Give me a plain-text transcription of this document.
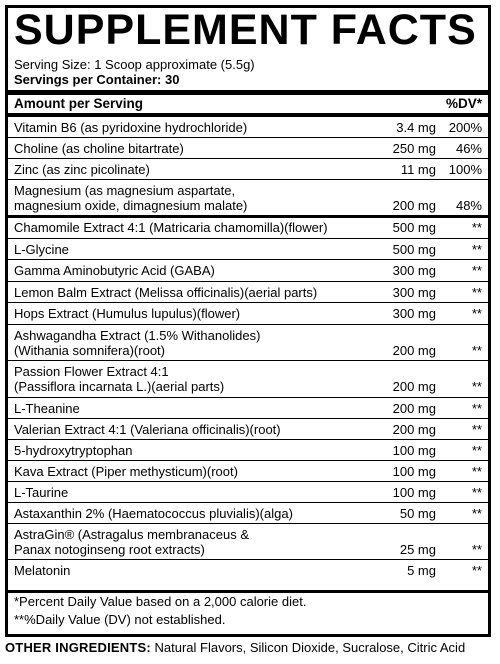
SUPPLEMENT FACTS
Serving Size: 1 Scoop approximate (5.5g)
Servings per Container: 30
Amount per Serving	%DV*
Vitamin B6 (as pyridoxine hydrochloride)	3.4 mg 200%
Choline (as choline bitartrate)	250 mg 46%
Zinc (as zinc picolinate)	11 mg 100%
Magnesium (as magnesium aspartate,
magnesium oxide, dimagnesium malate)	200 mg 48%
Chamomile Extract 4:1 (Matricaria chamomilla)(flower)	500 mg	**
L-Glycine	500 mg	**
Gamma Aminobutyric Acid (GABA)	300 mg	**
Lemon Balm Extract (Melissa officinalis)(aerial parts)	300 mg	**
Hops Extract (Humulus lupulus)(flower)	300 mg	**
Ashwagandha Extract (1.5% Withanolides)
(Withania somnifera)(root)	200 mg	**
Passion Flower Extract 4:1
(Passiflora incarnata L.)(aerial parts)	200 mg	**
L-Theanine	200 mg	**
Valerian Extract 4:1 (Valeriana officinalis)(root)	200 mg	**
5-hydroxytryptophan	100 mg	**
Kava Extract (Piper methysticum)(root)	100 mg	**
L-Taurine	100 mg	**
Astaxanthin 2% (Haematococcus pluvialis)(alga)	50 mg	**
AstraGin® (Astragalus membranaceus &
Panax notoginseng root extracts)	25 mg	**
Melatonin	5 mg	**
*Percent Daily Value based on a 2,000 calorie diet.
**%Daily Value (DV) not established.
OTHER INGREDIENTS: Natural Flavors, Silicon Dioxide, Sucralose, Citric Acid
